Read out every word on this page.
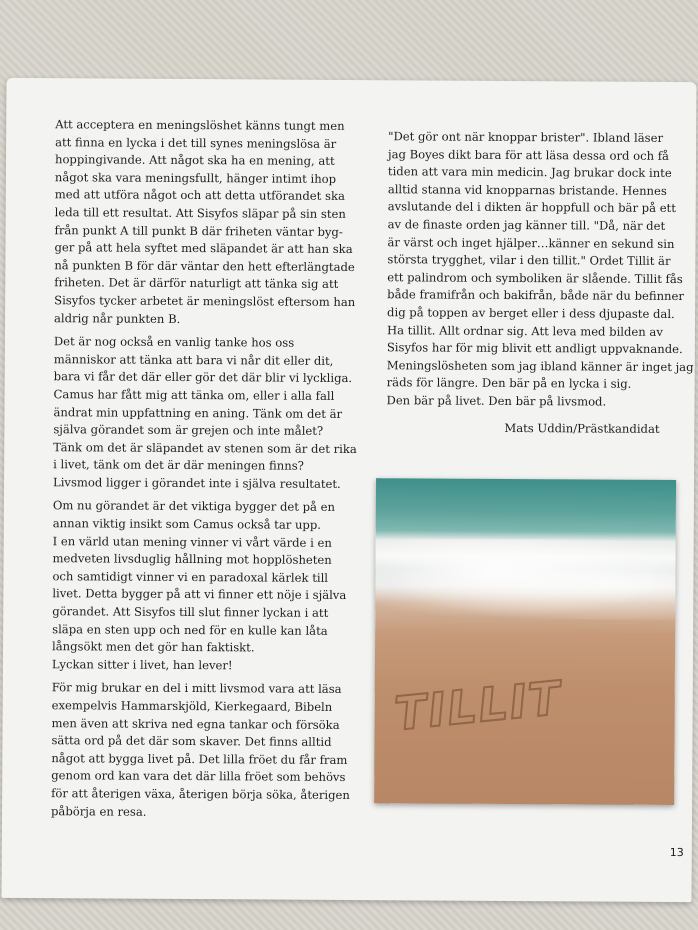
Att acceptera en meningslöshet känns tungt men
att finna en lycka i det till synes meningslösa är
hoppingivande. Att något ska ha en mening, att
något ska vara meningsfullt, hänger intimt ihop
med att utföra något och att detta utförandet ska
leda till ett resultat. Att Sisyfos släpar på sin sten
från punkt A till punkt B där friheten väntar byg-
ger på att hela syftet med släpandet är att han ska
nå punkten B för där väntar den hett efterlängtade
friheten. Det är därför naturligt att tänka sig att
Sisyfos tycker arbetet är meningslöst eftersom han
aldrig når punkten B.

Det är nog också en vanlig tanke hos oss
människor att tänka att bara vi når dit eller dit,
bara vi får det där eller gör det där blir vi lyckliga.
Camus har fått mig att tänka om, eller i alla fall
ändrat min uppfattning en aning. Tänk om det är
själva görandet som är grejen och inte målet?
Tänk om det är släpandet av stenen som är det rika
i livet, tänk om det är där meningen finns?
Livsmod ligger i görandet inte i själva resultatet.

Om nu görandet är det viktiga bygger det på en
annan viktig insikt som Camus också tar upp.
I en värld utan mening vinner vi vårt värde i en
medveten livsduglig hållning mot hopplösheten
och samtidigt vinner vi en paradoxal kärlek till
livet. Detta bygger på att vi finner ett nöje i själva
görandet. Att Sisyfos till slut finner lyckan i att
släpa en sten upp och ned för en kulle kan låta
långsökt men det gör han faktiskt.
Lyckan sitter i livet, han lever!

För mig brukar en del i mitt livsmod vara att läsa
exempelvis Hammarskjöld, Kierkegaard, Bibeln
men även att skriva ned egna tankar och försöka
sätta ord på det där som skaver. Det finns alltid
något att bygga livet på. Det lilla fröet du får fram
genom ord kan vara det där lilla fröet som behövs
för att återigen växa, återigen börja söka, återigen
påbörja en resa.

"Det gör ont när knoppar brister". Ibland läser
jag Boyes dikt bara för att läsa dessa ord och få
tiden att vara min medicin. Jag brukar dock inte
alltid stanna vid knopparnas bristande. Hennes
avslutande del i dikten är hoppfull och bär på ett
av de finaste orden jag känner till. "Då, när det
är värst och inget hjälper…känner en sekund sin
största trygghet, vilar i den tillit." Ordet Tillit är
ett palindrom och symboliken är slående. Tillit fås
både framifrån och bakifrån, både när du befinner
dig på toppen av berget eller i dess djupaste dal.
Ha tillit. Allt ordnar sig. Att leva med bilden av
Sisyfos har för mig blivit ett andligt uppvaknande.
Meningslösheten som jag ibland känner är inget jag
räds för längre. Den bär på en lycka i sig.
Den bär på livet. Den bär på livsmod.

Mats Uddin/Prästkandidat
TILLIT
13
